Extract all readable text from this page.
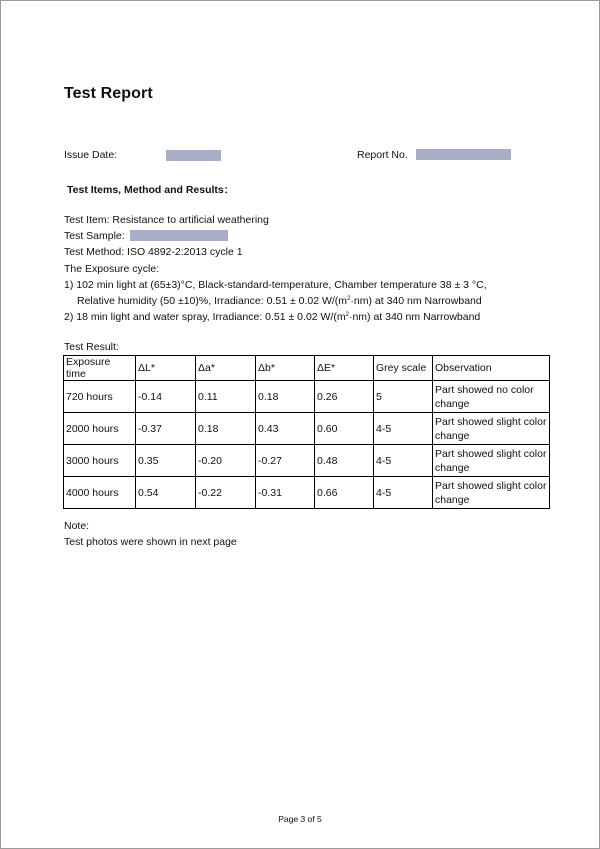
Test Report
Issue Date:	Report No.
Test Items, Method and Results：
Test Item: Resistance to artificial weathering
Test Sample:
Test Method: ISO 4892-2:2013 cycle 1
The Exposure cycle:
1) 102 min light at (65±3)°C, Black-standard-temperature, Chamber temperature 38 ± 3 °C,
Relative humidity (50 ±10)%, Irradiance: 0.51 ± 0.02 $W/(m^2\cdot nm)$ at 340 nm Narrowband
2) 18 min light and water spray, Irradiance: 0.51 ± 0.02 $W/(m^2\cdot nm)$ at 340 nm Narrowband
Test Result:
Exposure time	ΔL*	Δa*	Δb*	ΔE*	Grey scale	Observation
720 hours	-0.14	0.11	0.18	0.26	5	Part showed no color change
2000 hours	-0.37	0.18	0.43	0.60	4-5	Part showed slight color change
3000 hours	0.35	-0.20	-0.27	0.48	4-5	Part showed slight color change
4000 hours	0.54	-0.22	-0.31	0.66	4-5	Part showed slight color change
Note:
Test photos were shown in next page
Page 3 of 5
